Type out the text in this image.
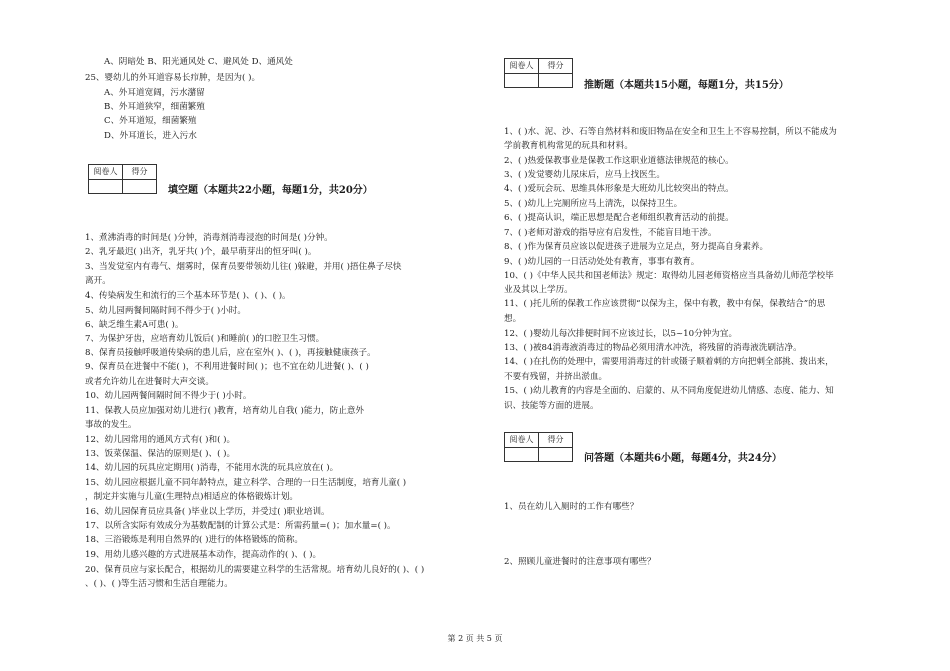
A、阴暗处 B、阳光通风处 C、避风处 D、通风处
25、婴幼儿的外耳道容易长疖肿，是因为( )。
A、外耳道宽阔，污水潴留
B、外耳道狭窄，细菌繁殖
C、外耳道短，细菌繁殖
D、外耳道长，进入污水
阅卷人	得分
填空题（本题共22小题，每题1分，共20分）
1、煮沸消毒的时间是( )分钟，消毒剂消毒浸泡的时间是( )分钟。
2、乳牙最迟( )出齐，乳牙共( )个，最早萌芽出的恒牙叫( )。
3、当发觉室内有毒气、烟雾时，保育员要带领幼儿往( )躲避，并用( )捂住鼻子尽快
离开。
4、传染病发生和流行的三个基本环节是( )、( )、( )。
5、幼儿园两餐间隔时间不得少于( )小时。
6、缺乏维生素A可患( )。
7、为保护牙齿，应培育幼儿饭后( )和睡前( )的口腔卫生习惯。
8、保育员接触呼吸道传染病的患儿后，应在室外( )、( )，再接触健康孩子。
9、保育员在进餐中不能( )，不利用进餐时间( )；也不宜在幼儿进餐( )、( )
或者允许幼儿在进餐时大声交谈。
10、幼儿园两餐间隔时间不得少于( )小时。
11、保教人员应加强对幼儿进行( )教育，培育幼儿自我( )能力，防止意外
事故的发生。
12、幼儿园常用的通风方式有( )和( )。
13、饭菜保温、保洁的原则是( )、( )。
14、幼儿园的玩具应定期用( )消毒，不能用水洗的玩具应放在( )。
15、幼儿园应根据儿童不同年龄特点，建立科学、合理的一日生活制度，培育儿童( )
，制定并实施与儿童(生理特点)相适应的体格锻炼计划。
16、幼儿园保育员应具备( )毕业以上学历，并受过( )职业培训。
17、以所含实际有效成分为基数配制的计算公式是：所需药量=( )；加水量=( )。
18、三浴锻炼是利用自然界的( )进行的体格锻炼的简称。
19、用幼儿感兴趣的方式进展基本动作，提高动作的( )、( )。
20、保育员应与家长配合，根据幼儿的需要建立科学的生活常规。培育幼儿良好的( )、( )
、( )、( )等生活习惯和生活自理能力。
阅卷人	得分
推断题（本题共15小题，每题1分，共15分）
1、( )水、泥、沙、石等自然材料和废旧物品在安全和卫生上不容易控制，所以不能成为
学前教育机构常见的玩具和材料。
2、( )热爱保教事业是保教工作这职业道德法律规范的核心。
3、( )发觉婴幼儿尿床后，应马上找医生。
4、( )爱玩会玩、思维具体形象是大班幼儿比较突出的特点。
5、( )幼儿上完厕所应马上清洗，以保持卫生。
6、( )提高认识，端正思想是配合老师组织教育活动的前提。
7、( )老师对游戏的指导应有启发性，不能盲目地干涉。
8、( )作为保育员应该以促进孩子进展为立足点，努力提高自身素养。
9、( )幼儿园的一日活动处处有教育，事事有教育。
10、( )《中华人民共和国老师法》规定：取得幼儿园老师资格应当具备幼儿师范学校毕
业及其以上学历。
11、( )托儿所的保教工作应该贯彻“以保为主，保中有教，教中有保，保教结合”的思
想。
12、( )婴幼儿每次排便时间不应该过长，以5~10分钟为宜。
13、( )被84消毒液消毒过的物品必须用清水冲洗，将残留的消毒液洗刷洁净。
14、( )在扎伤的处理中，需要用消毒过的针或镊子顺着刺的方向把刺全部挑、拨出来，
不要有残留，并挤出淤血。
15、( )幼儿教育的内容是全面的、启蒙的、从不同角度促进幼儿情感、态度、能力、知
识、技能等方面的进展。
阅卷人	得分
问答题（本题共6小题，每题4分，共24分）
1、员在幼儿入厕时的工作有哪些？
2、照顾儿童进餐时的注意事项有哪些？
第 2 页 共 5 页
